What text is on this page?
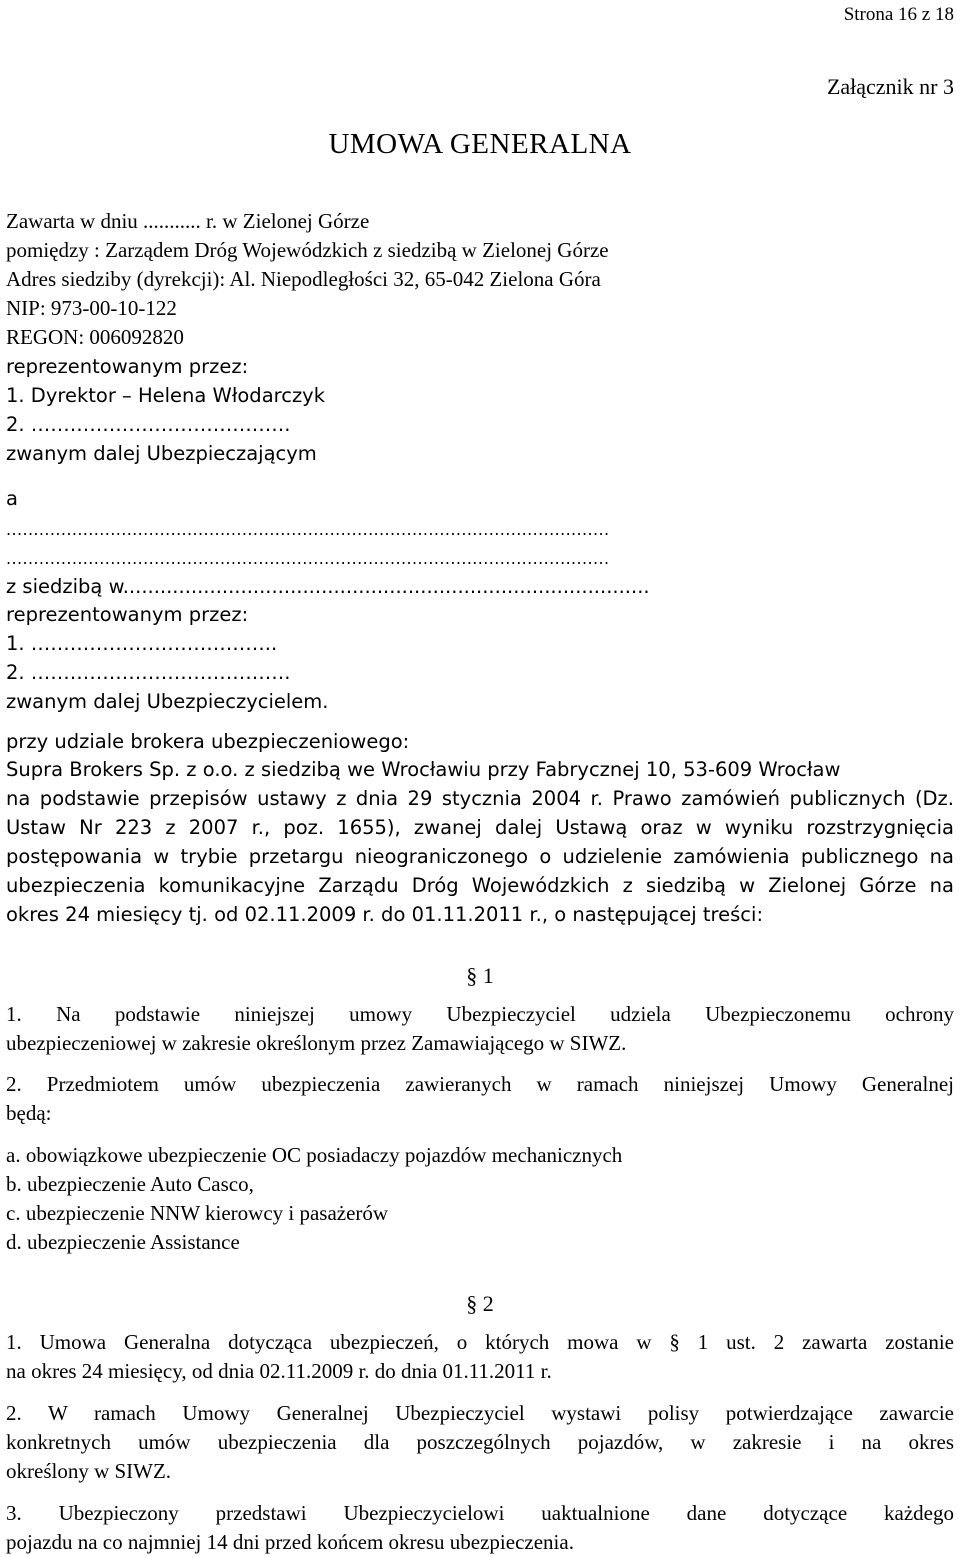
Strona 16 z 18
Załącznik nr 3
UMOWA GENERALNA
Zawarta w dniu ........... r. w Zielonej Górze
pomiędzy : Zarządem Dróg Wojewódzkich z siedzibą w Zielonej Górze
Adres siedziby (dyrekcji): Al. Niepodległości 32, 65-042 Zielona Góra
NIP: 973-00-10-122
REGON: 006092820
reprezentowanym przez:
1. Dyrektor – Helena Włodarczyk
2. ………………………………….
zwanym dalej Ubezpieczającym
a
..............................................................................................................
..............................................................................................................
z siedzibą w.....................................................................................
reprezentowanym przez:
1. ………………………………..
2. ………………………………….
zwanym dalej Ubezpieczycielem.
przy udziale brokera ubezpieczeniowego:
Supra Brokers Sp. z o.o. z siedzibą we Wrocławiu przy Fabrycznej 10, 53-609 Wrocław
na podstawie przepisów ustawy z dnia 29 stycznia 2004 r. Prawo zamówień publicznych (Dz.
Ustaw Nr 223 z 2007 r., poz. 1655), zwanej dalej Ustawą oraz w wyniku rozstrzygnięcia
postępowania w trybie przetargu nieograniczonego o udzielenie zamówienia publicznego na
ubezpieczenia komunikacyjne Zarządu Dróg Wojewódzkich z siedzibą w Zielonej Górze na
okres 24 miesięcy tj. od 02.11.2009 r. do 01.11.2011 r., o następującej treści:
§ 1
1. Na podstawie niniejszej umowy Ubezpieczyciel udziela Ubezpieczonemu ochrony
ubezpieczeniowej w zakresie określonym przez Zamawiającego w SIWZ.
2. Przedmiotem umów ubezpieczenia zawieranych w ramach niniejszej Umowy Generalnej
będą:
a. obowiązkowe ubezpieczenie OC posiadaczy pojazdów mechanicznych
b. ubezpieczenie Auto Casco,
c. ubezpieczenie NNW kierowcy i pasażerów
d. ubezpieczenie Assistance
§ 2
1. Umowa Generalna dotycząca ubezpieczeń, o których mowa w § 1 ust. 2 zawarta zostanie
na okres 24 miesięcy, od dnia 02.11.2009 r. do dnia 01.11.2011 r.
2. W ramach Umowy Generalnej Ubezpieczyciel wystawi polisy potwierdzające zawarcie
konkretnych umów ubezpieczenia dla poszczególnych pojazdów, w zakresie i na okres
określony w SIWZ.
3. Ubezpieczony przedstawi Ubezpieczycielowi uaktualnione dane dotyczące każdego
pojazdu na co najmniej 14 dni przed końcem okresu ubezpieczenia.
